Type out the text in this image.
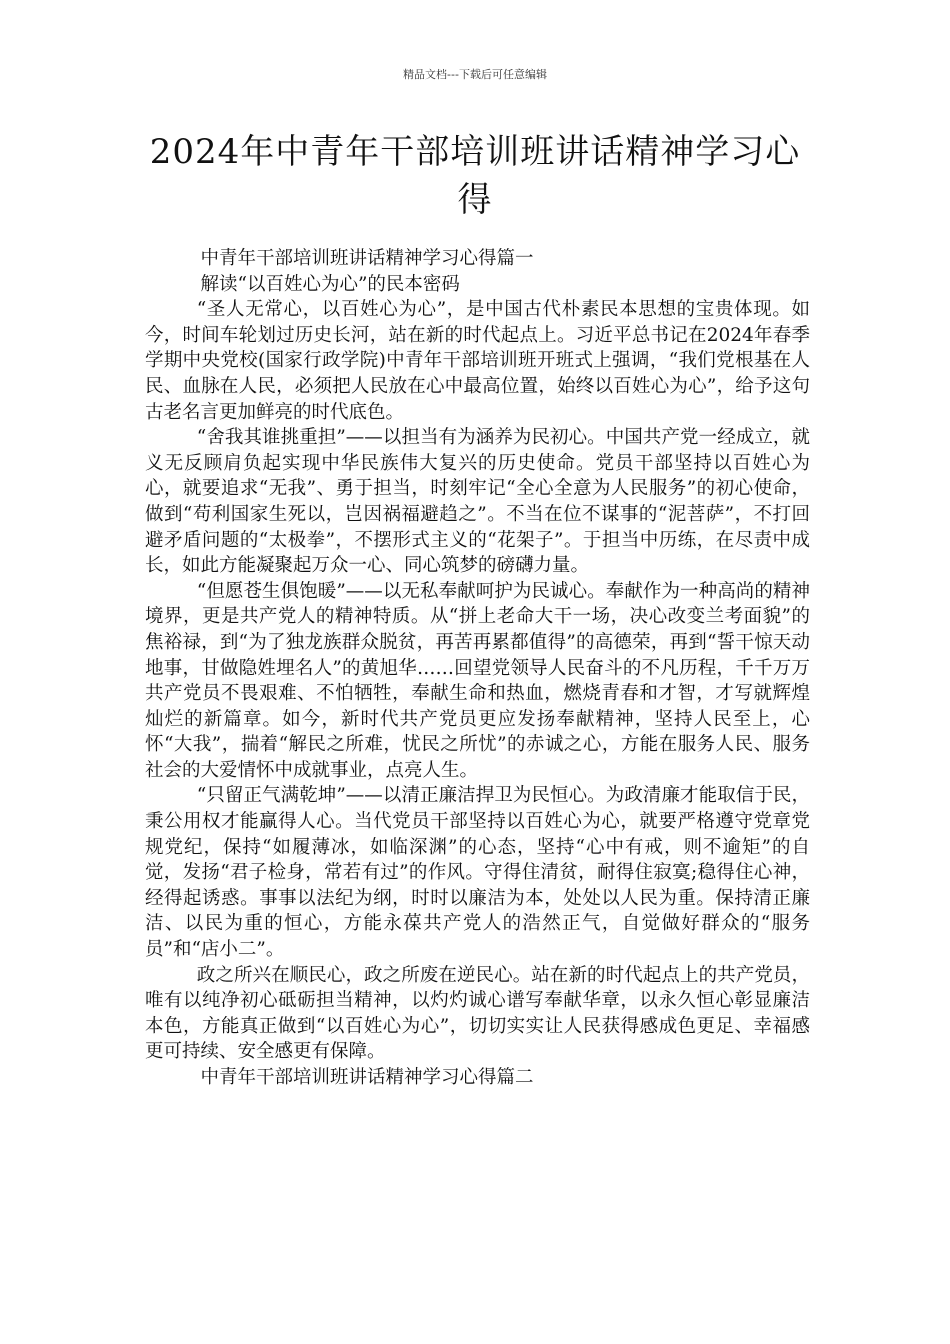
精品文档---下载后可任意编辑
2024年中青年干部培训班讲话精神学习心得

中青年干部培训班讲话精神学习心得篇一

解读“以百姓心为心”的民本密码

“圣人无常心，以百姓心为心”，是中国古代朴素民本思想的宝贵体现。如今，时间车轮划过历史长河，站在新的时代起点上。习近平总书记在2024年春季学期中央党校(国家行政学院)中青年干部培训班开班式上强调，“我们党根基在人民、血脉在人民，必须把人民放在心中最高位置，始终以百姓心为心”，给予这句古老名言更加鲜亮的时代底色。

“舍我其谁挑重担”——以担当有为涵养为民初心。中国共产党一经成立，就义无反顾肩负起实现中华民族伟大复兴的历史使命。党员干部坚持以百姓心为心，就要追求“无我”、勇于担当，时刻牢记“全心全意为人民服务”的初心使命，做到“苟利国家生死以，岂因祸福避趋之”。不当在位不谋事的“泥菩萨”，不打回避矛盾问题的“太极拳”，不摆形式主义的“花架子”。于担当中历练，在尽责中成长，如此方能凝聚起万众一心、同心筑梦的磅礴力量。

“但愿苍生俱饱暖”——以无私奉献呵护为民诚心。奉献作为一种高尚的精神境界，更是共产党人的精神特质。从“拼上老命大干一场，决心改变兰考面貌”的焦裕禄，到“为了独龙族群众脱贫，再苦再累都值得”的高德荣，再到“誓干惊天动地事，甘做隐姓埋名人”的黄旭华……回望党领导人民奋斗的不凡历程，千千万万共产党员不畏艰难、不怕牺牲，奉献生命和热血，燃烧青春和才智，才写就辉煌灿烂的新篇章。如今，新时代共产党员更应发扬奉献精神，坚持人民至上，心怀“大我”，揣着“解民之所难，忧民之所忧”的赤诚之心，方能在服务人民、服务社会的大爱情怀中成就事业，点亮人生。

“只留正气满乾坤”——以清正廉洁捍卫为民恒心。为政清廉才能取信于民，秉公用权才能赢得人心。当代党员干部坚持以百姓心为心，就要严格遵守党章党规党纪，保持“如履薄冰，如临深渊”的心态，坚持“心中有戒，则不逾矩”的自觉，发扬“君子检身，常若有过”的作风。守得住清贫，耐得住寂寞;稳得住心神，经得起诱惑。事事以法纪为纲，时时以廉洁为本，处处以人民为重。保持清正廉洁、以民为重的恒心，方能永葆共产党人的浩然正气，自觉做好群众的“服务员”和“店小二”。

政之所兴在顺民心，政之所废在逆民心。站在新的时代起点上的共产党员，唯有以纯净初心砥砺担当精神，以灼灼诚心谱写奉献华章，以永久恒心彰显廉洁本色，方能真正做到“以百姓心为心”，切切实实让人民获得感成色更足、幸福感更可持续、安全感更有保障。

中青年干部培训班讲话精神学习心得篇二
